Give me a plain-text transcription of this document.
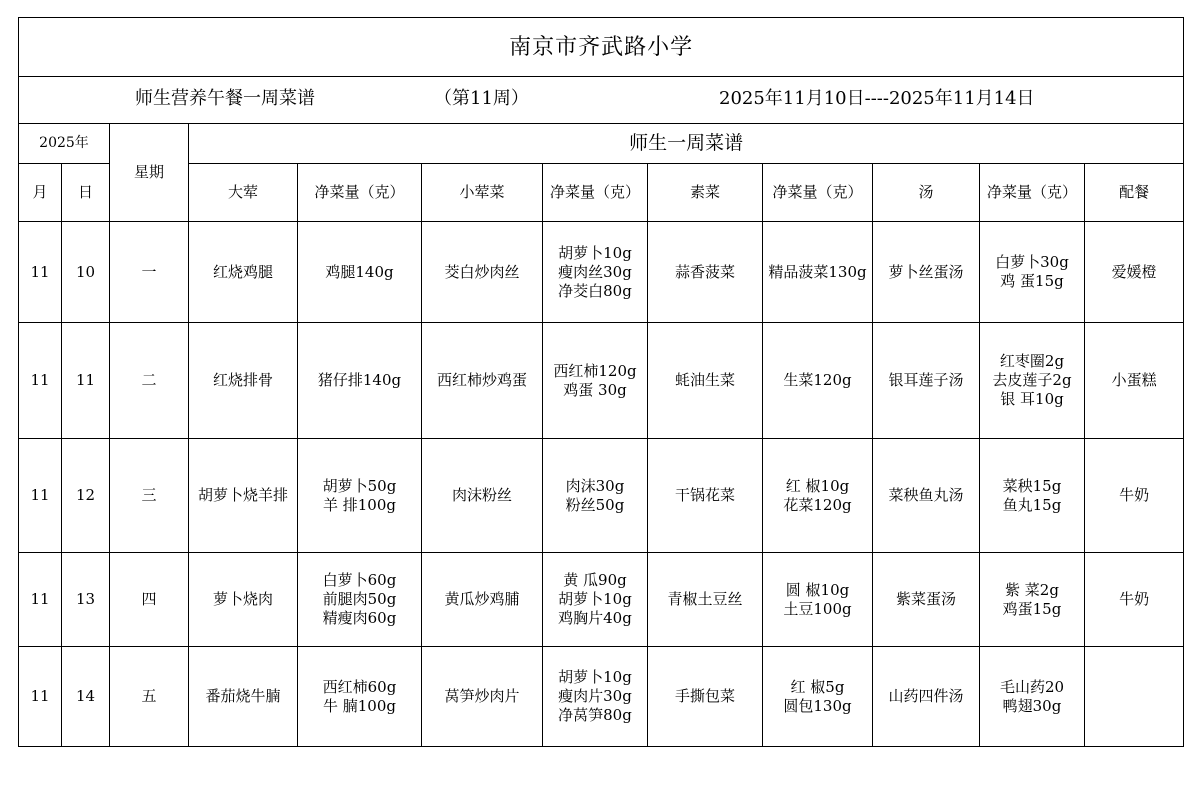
南京市齐武路小学											

师生营养午餐一周菜谱 （第11周） 2025年11月10日----2025年11月14日											

2025年		星期	师生一周菜谱								
月	日		大荤	净菜量（克）	小荤菜	净菜量（克）	素菜	净菜量（克）	汤	净菜量（克）	配餐
11	10	一	红烧鸡腿	鸡腿140g	茭白炒肉丝	胡萝卜10g
瘦肉丝30g
净茭白80g	蒜香菠菜	精品菠菜130g	萝卜丝蛋汤	白萝卜30g
鸡 蛋15g	爱媛橙
11	11	二	红烧排骨	猪仔排140g	西红柿炒鸡蛋	西红柿120g
鸡蛋 30g	蚝油生菜	生菜120g	银耳莲子汤	红枣圈2g
去皮莲子2g
银 耳10g	小蛋糕
11	12	三	胡萝卜烧羊排	胡萝卜50g
羊 排100g	肉沫粉丝	肉沫30g
粉丝50g	干锅花菜	红 椒10g
花菜120g	菜秧鱼丸汤	菜秧15g
鱼丸15g	牛奶
11	13	四	萝卜烧肉	白萝卜60g
前腿肉50g
精瘦肉60g	黄瓜炒鸡脯	黄 瓜90g
胡萝卜10g
鸡胸片40g	青椒土豆丝	圆 椒10g
土豆100g	紫菜蛋汤	紫 菜2g
鸡蛋15g	牛奶
11	14	五	番茄烧牛腩	西红柿60g
牛 腩100g	莴笋炒肉片	胡萝卜10g
瘦肉片30g
净莴笋80g	手撕包菜	红 椒5g
圆包130g	山药四件汤	毛山药20
鸭翅30g	
